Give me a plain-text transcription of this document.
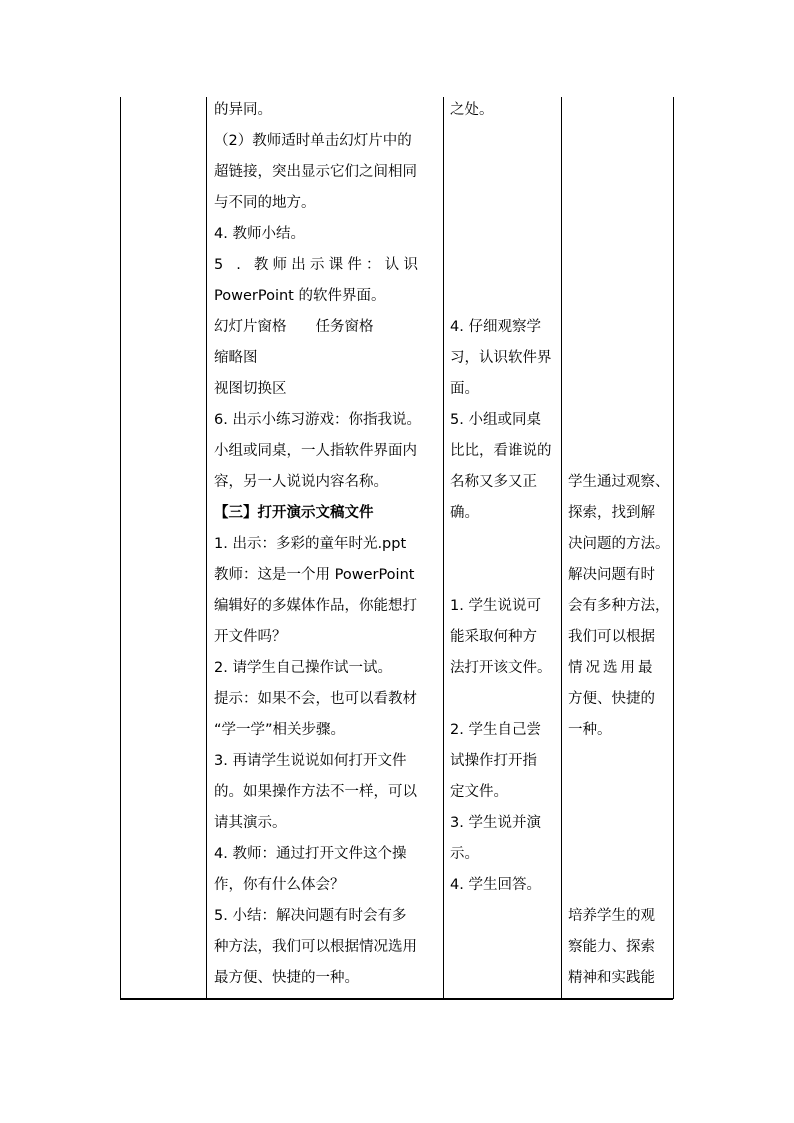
的异同。
（2）教师适时单击幻灯片中的
超链接，突出显示它们之间相同
与不同的地方。
4. 教师小结。
5 . 教师出示课件：认识
PowerPoint 的软件界面。
幻灯片窗格　　任务窗格
缩略图
视图切换区
6. 出示小练习游戏：你指我说。
小组或同桌，一人指软件界面内
容，另一人说说内容名称。
【三】打开演示文稿文件
1. 出示：多彩的童年时光.ppt
教师：这是一个用 PowerPoint
编辑好的多媒体作品，你能想打
开文件吗？
2. 请学生自己操作试一试。
提示：如果不会，也可以看教材
“学一学”相关步骤。
3. 再请学生说说如何打开文件
的。如果操作方法不一样，可以
请其演示。
4. 教师：通过打开文件这个操
作，你有什么体会？
5. 小结：解决问题有时会有多
种方法，我们可以根据情况选用
最方便、快捷的一种。
之处。
4. 仔细观察学
习，认识软件界
面。
5. 小组或同桌
比比，看谁说的
名称又多又正
确。
1. 学生说说可
能采取何种方
法打开该文件。
2. 学生自己尝
试操作打开指
定文件。
3. 学生说并演
示。
4. 学生回答。
学生通过观察、
探索，找到解
决问题的方法。
解决问题有时
会有多种方法，
我们可以根据
情况选用最
方便、快捷的
一种。
培养学生的观
察能力、探索
精神和实践能
